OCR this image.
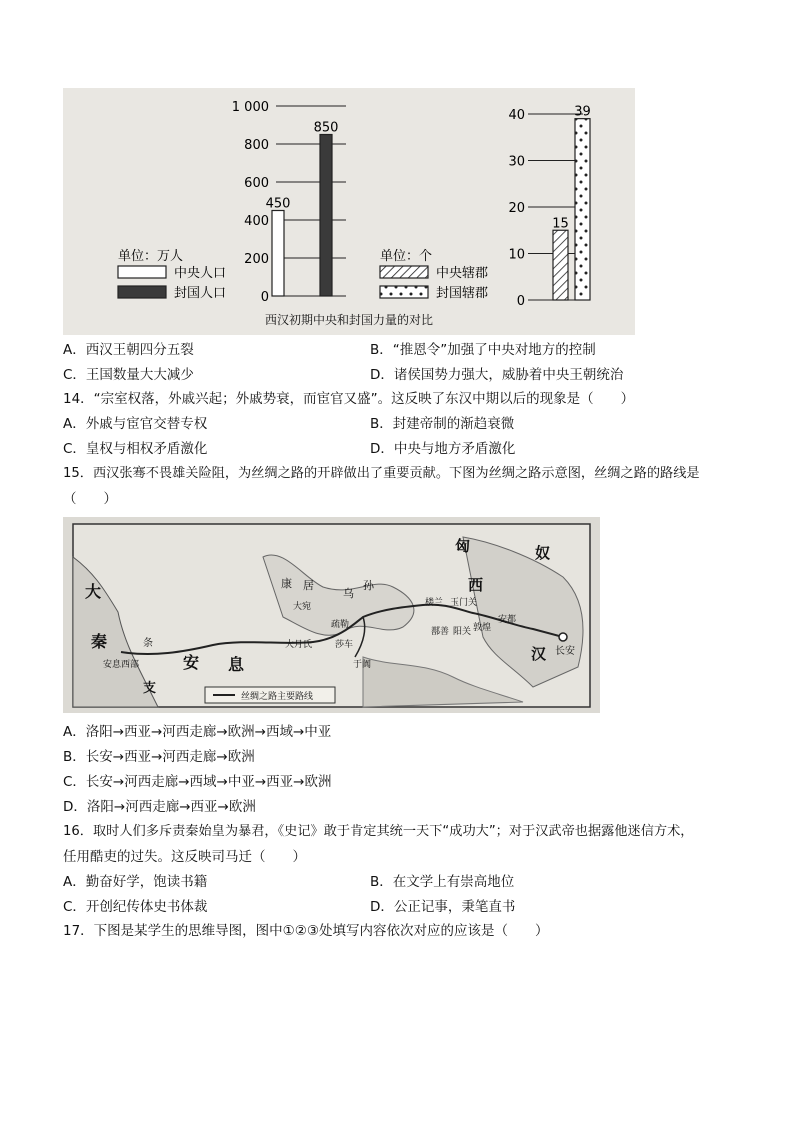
1 000
800
600
400
200
0
450
850
40
30
20
10
0
15
39
单位：万人
中央人口
封国人口
单位：个
中央辖郡
封国辖郡
西汉初期中央和封国力量的对比
A．西汉王朝四分五裂	B．“推恩令”加强了中央对地方的控制
C．王国数量大大减少	D．诸侯国势力强大，威胁着中央王朝统治
14．“宗室权落，外戚兴起；外戚势衰，而宦官又盛”。这反映了东汉中期以后的现象是（　　）
A．外戚与宦官交替专权	B．封建帝制的渐趋衰微
C．皇权与相权矛盾激化	D．中央与地方矛盾激化
15．西汉张骞不畏雄关险阻，为丝绸之路的开辟做出了重要贡献。下图为丝绸之路示意图，丝绸之路的路线是
（　　）
匈	奴
大
秦
安 息
汉
西
支
康 居
乌
孙
长安
敦煌
玉门关
阳关
楼兰
大宛
疏勒
大月氏
于阗
安都
条	莎车
鄯善
安息西部
丝绸之路主要路线
A．洛阳→西亚→河西走廊→欧洲→西域→中亚
B．长安→西亚→河西走廊→欧洲
C．长安→河西走廊→西域→中亚→西亚→欧洲
D．洛阳→河西走廊→西亚→欧洲
16．取时人们多斥责秦始皇为暴君，《史记》敢于肯定其统一天下“成功大”；对于汉武帝也据露他迷信方术，
任用酷吏的过失。这反映司马迁（　　）
A．勤奋好学，饱读书籍	B．在文学上有崇高地位
C．开创纪传体史书体裁	D．公正记事，秉笔直书
17．下图是某学生的思维导图，图中①②③处填写内容依次对应的应该是（　　）
